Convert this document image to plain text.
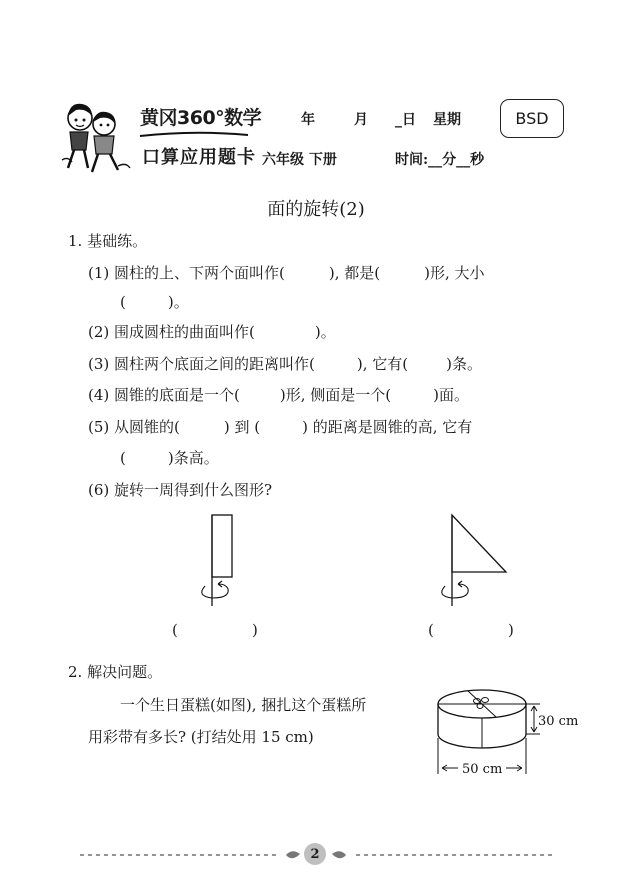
黄冈360°数学
口算应用题卡
年	月 _日 星期	BSD
六年级 下册	时间:__分__秒
面的旋转(2)
1. 基础练。
(1) 圆柱的上、下两个面叫作(	), 都是(	)形, 大小
(	)。
(2) 围成圆柱的曲面叫作(	)。
(3) 圆柱两个底面之间的距离叫作(	), 它有(	)条。
(4) 圆锥的底面是一个(	)形, 侧面是一个(	)面。
(5) 从圆锥的(	) 到 (	) 的距离是圆锥的高, 它有
(	)条高。
(6) 旋转一周得到什么图形?
(	)	(	)
2. 解决问题。
一个生日蛋糕(如图), 捆扎这个蛋糕所
用彩带有多长? (打结处用 15 cm)
30 cm
50 cm
2
